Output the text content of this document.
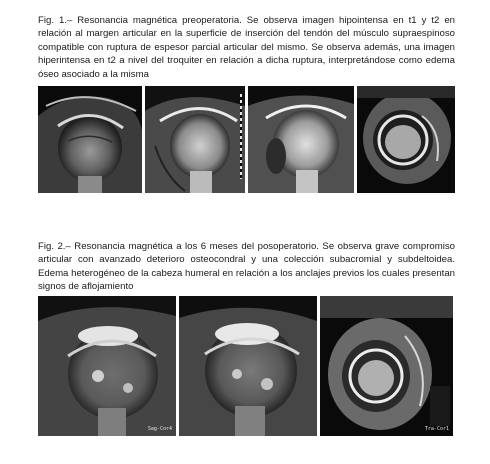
Fig. 1.– Resonancia magnética preoperatoria. Se observa imagen hipointensa en t1 y t2 en relación al margen articular en la superficie de inserción del tendón del músculo supraespinoso compatible con ruptura de espesor parcial articular del mismo. Se observa además, una imagen hiperintensa en t2 a nivel del troquiter en relación a dicha ruptura, interpretándose como edema óseo asociado a la misma

Fig. 2.– Resonancia magnética a los 6 meses del posoperatorio. Se observa grave compromiso articular con avanzado deterioro osteocondral y una colección subacromial y subdeltoidea. Edema heterogéneo de la cabeza humeral en relación a los anclajes previos los cuales presentan signos de aflojamiento

Sag-Cor4	Tra-Cor1
